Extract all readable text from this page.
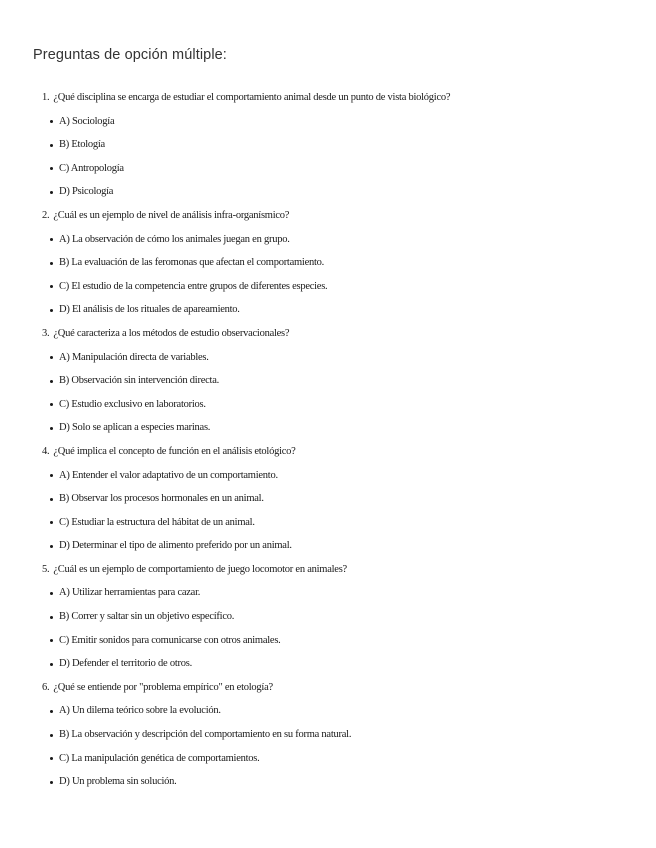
Preguntas de opción múltiple:
1. ¿Qué disciplina se encarga de estudiar el comportamiento animal desde un punto de vista biológico?
A) Sociología
B) Etología
C) Antropología
D) Psicología
2. ¿Cuál es un ejemplo de nivel de análisis infra-organísmico?
A) La observación de cómo los animales juegan en grupo.
B) La evaluación de las feromonas que afectan el comportamiento.
C) El estudio de la competencia entre grupos de diferentes especies.
D) El análisis de los rituales de apareamiento.
3. ¿Qué caracteriza a los métodos de estudio observacionales?
A) Manipulación directa de variables.
B) Observación sin intervención directa.
C) Estudio exclusivo en laboratorios.
D) Solo se aplican a especies marinas.
4. ¿Qué implica el concepto de función en el análisis etológico?
A) Entender el valor adaptativo de un comportamiento.
B) Observar los procesos hormonales en un animal.
C) Estudiar la estructura del hábitat de un animal.
D) Determinar el tipo de alimento preferido por un animal.
5. ¿Cuál es un ejemplo de comportamiento de juego locomotor en animales?
A) Utilizar herramientas para cazar.
B) Correr y saltar sin un objetivo específico.
C) Emitir sonidos para comunicarse con otros animales.
D) Defender el territorio de otros.
6. ¿Qué se entiende por "problema empírico" en etología?
A) Un dilema teórico sobre la evolución.
B) La observación y descripción del comportamiento en su forma natural.
C) La manipulación genética de comportamientos.
D) Un problema sin solución.
